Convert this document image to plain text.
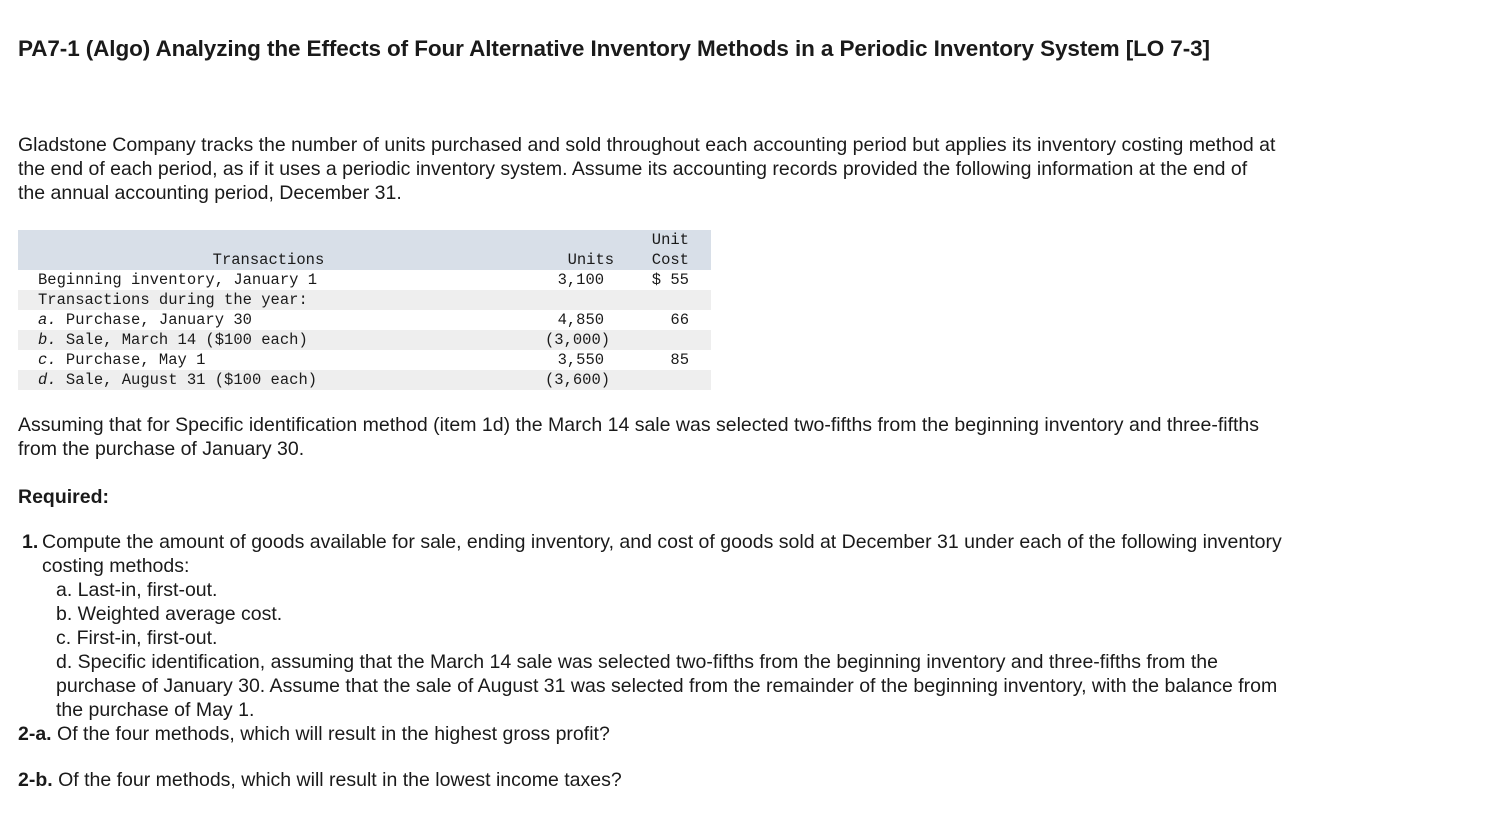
PA7-1 (Algo) Analyzing the Effects of Four Alternative Inventory Methods in a Periodic Inventory System [LO 7-3]

Gladstone Company tracks the number of units purchased and sold throughout each accounting period but applies its inventory costing method at the end of each period, as if it uses a periodic inventory system. Assume its accounting records provided the following information at the end of the annual accounting period, December 31.

		Unit
Transactions	Units	Cost
Beginning inventory, January 1	3,100	$ 55
Transactions during the year:		
a. Purchase, January 30	4,850	66
b. Sale, March 14 ($100 each)	(3,000)	
c. Purchase, May 1	3,550	85
d. Sale, August 31 ($100 each)	(3,600)	

Assuming that for Specific identification method (item 1d) the March 14 sale was selected two-fifths from the beginning inventory and three-fifths from the purchase of January 30.

Required:

1. Compute the amount of goods available for sale, ending inventory, and cost of goods sold at December 31 under each of the following inventory costing methods:
a. Last-in, first-out.
b. Weighted average cost.
c. First-in, first-out.
d. Specific identification, assuming that the March 14 sale was selected two-fifths from the beginning inventory and three-fifths from the purchase of January 30. Assume that the sale of August 31 was selected from the remainder of the beginning inventory, with the balance from the purchase of May 1.

2-a. Of the four methods, which will result in the highest gross profit?

2-b. Of the four methods, which will result in the lowest income taxes?
